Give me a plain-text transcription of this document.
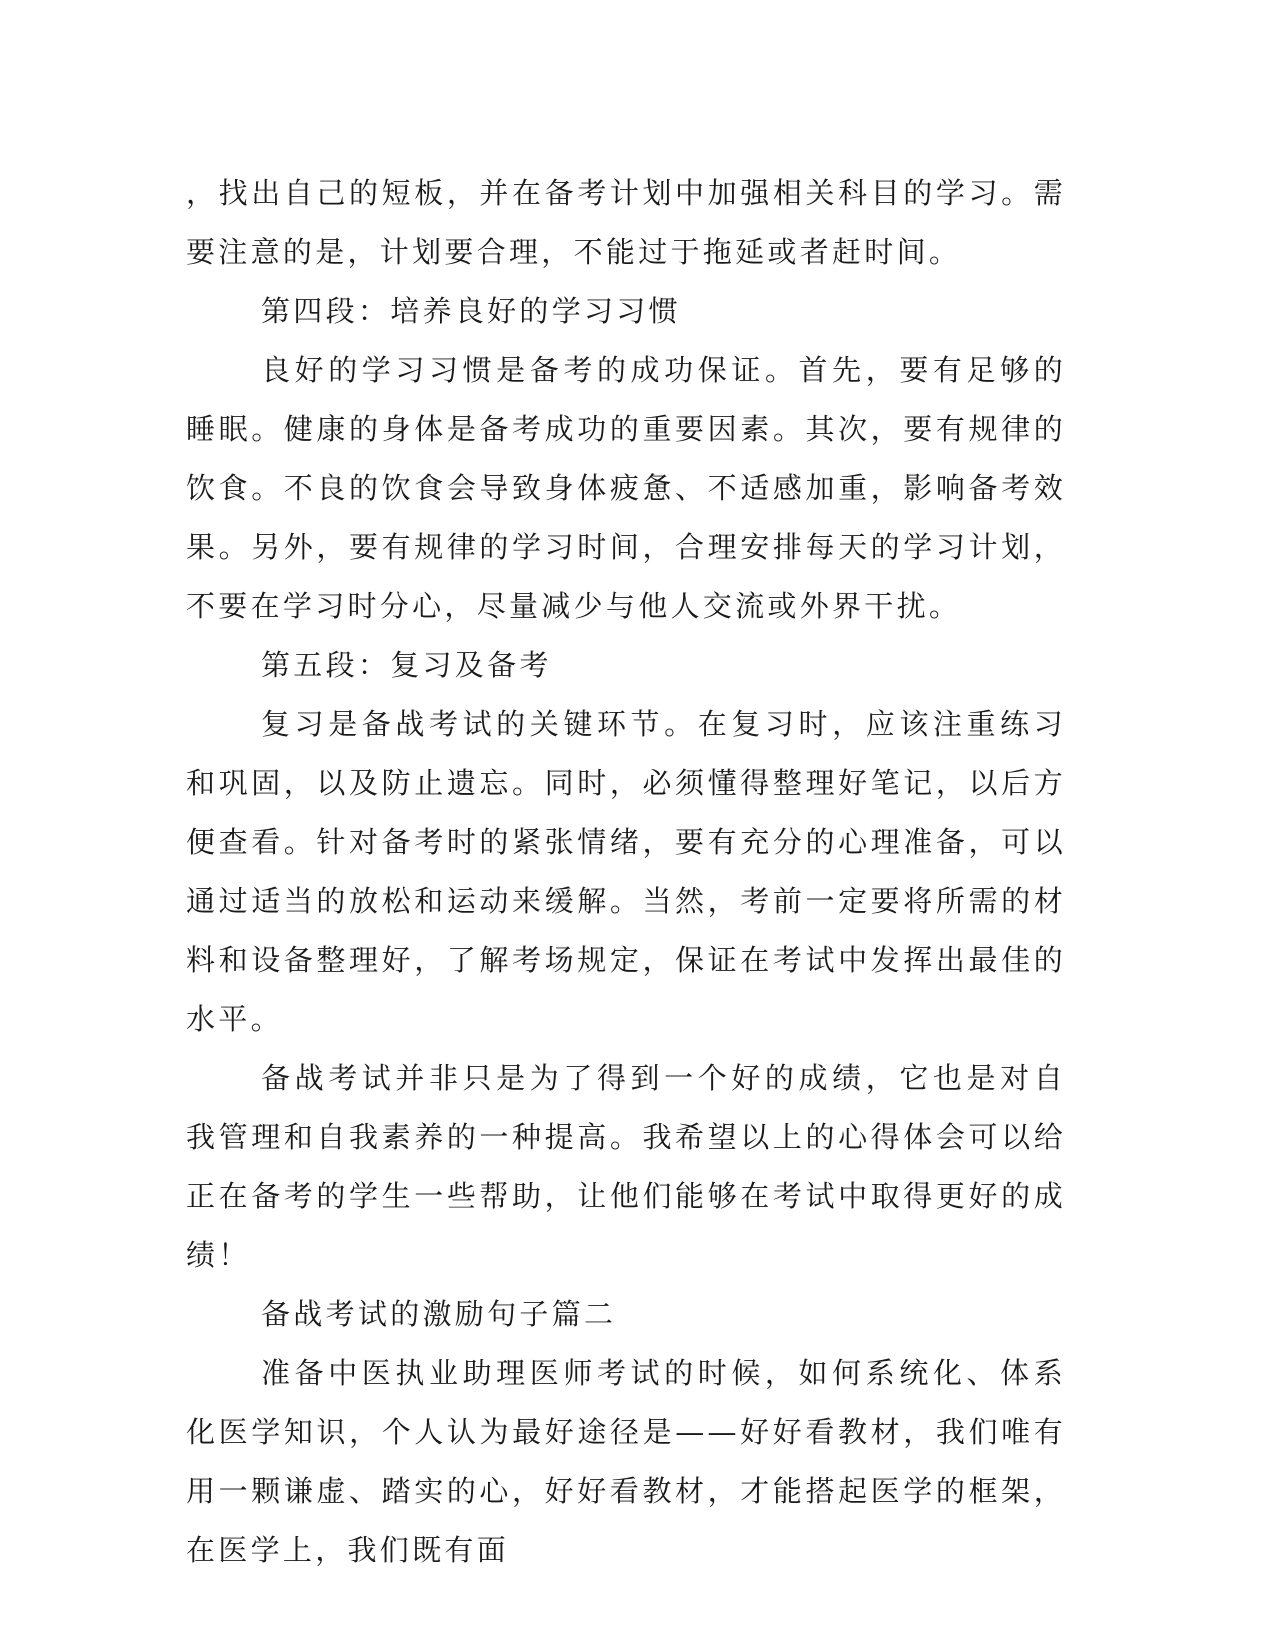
，找出自己的短板，并在备考计划中加强相关科目的学习。需要注意的是，计划要合理，不能过于拖延或者赶时间。

第四段：培养良好的学习习惯

良好的学习习惯是备考的成功保证。首先，要有足够的睡眠。健康的身体是备考成功的重要因素。其次，要有规律的饮食。不良的饮食会导致身体疲惫、不适感加重，影响备考效果。另外，要有规律的学习时间，合理安排每天的学习计划，不要在学习时分心，尽量减少与他人交流或外界干扰。

第五段：复习及备考

复习是备战考试的关键环节。在复习时，应该注重练习和巩固，以及防止遗忘。同时，必须懂得整理好笔记，以后方便查看。针对备考时的紧张情绪，要有充分的心理准备，可以通过适当的放松和运动来缓解。当然，考前一定要将所需的材料和设备整理好，了解考场规定，保证在考试中发挥出最佳的水平。

备战考试并非只是为了得到一个好的成绩，它也是对自我管理和自我素养的一种提高。我希望以上的心得体会可以给正在备考的学生一些帮助，让他们能够在考试中取得更好的成绩！

备战考试的激励句子篇二

准备中医执业助理医师考试的时候，如何系统化、体系化医学知识，个人认为最好途径是——好好看教材，我们唯有用一颗谦虚、踏实的心，好好看教材，才能搭起医学的框架，在医学上，我们既有面
